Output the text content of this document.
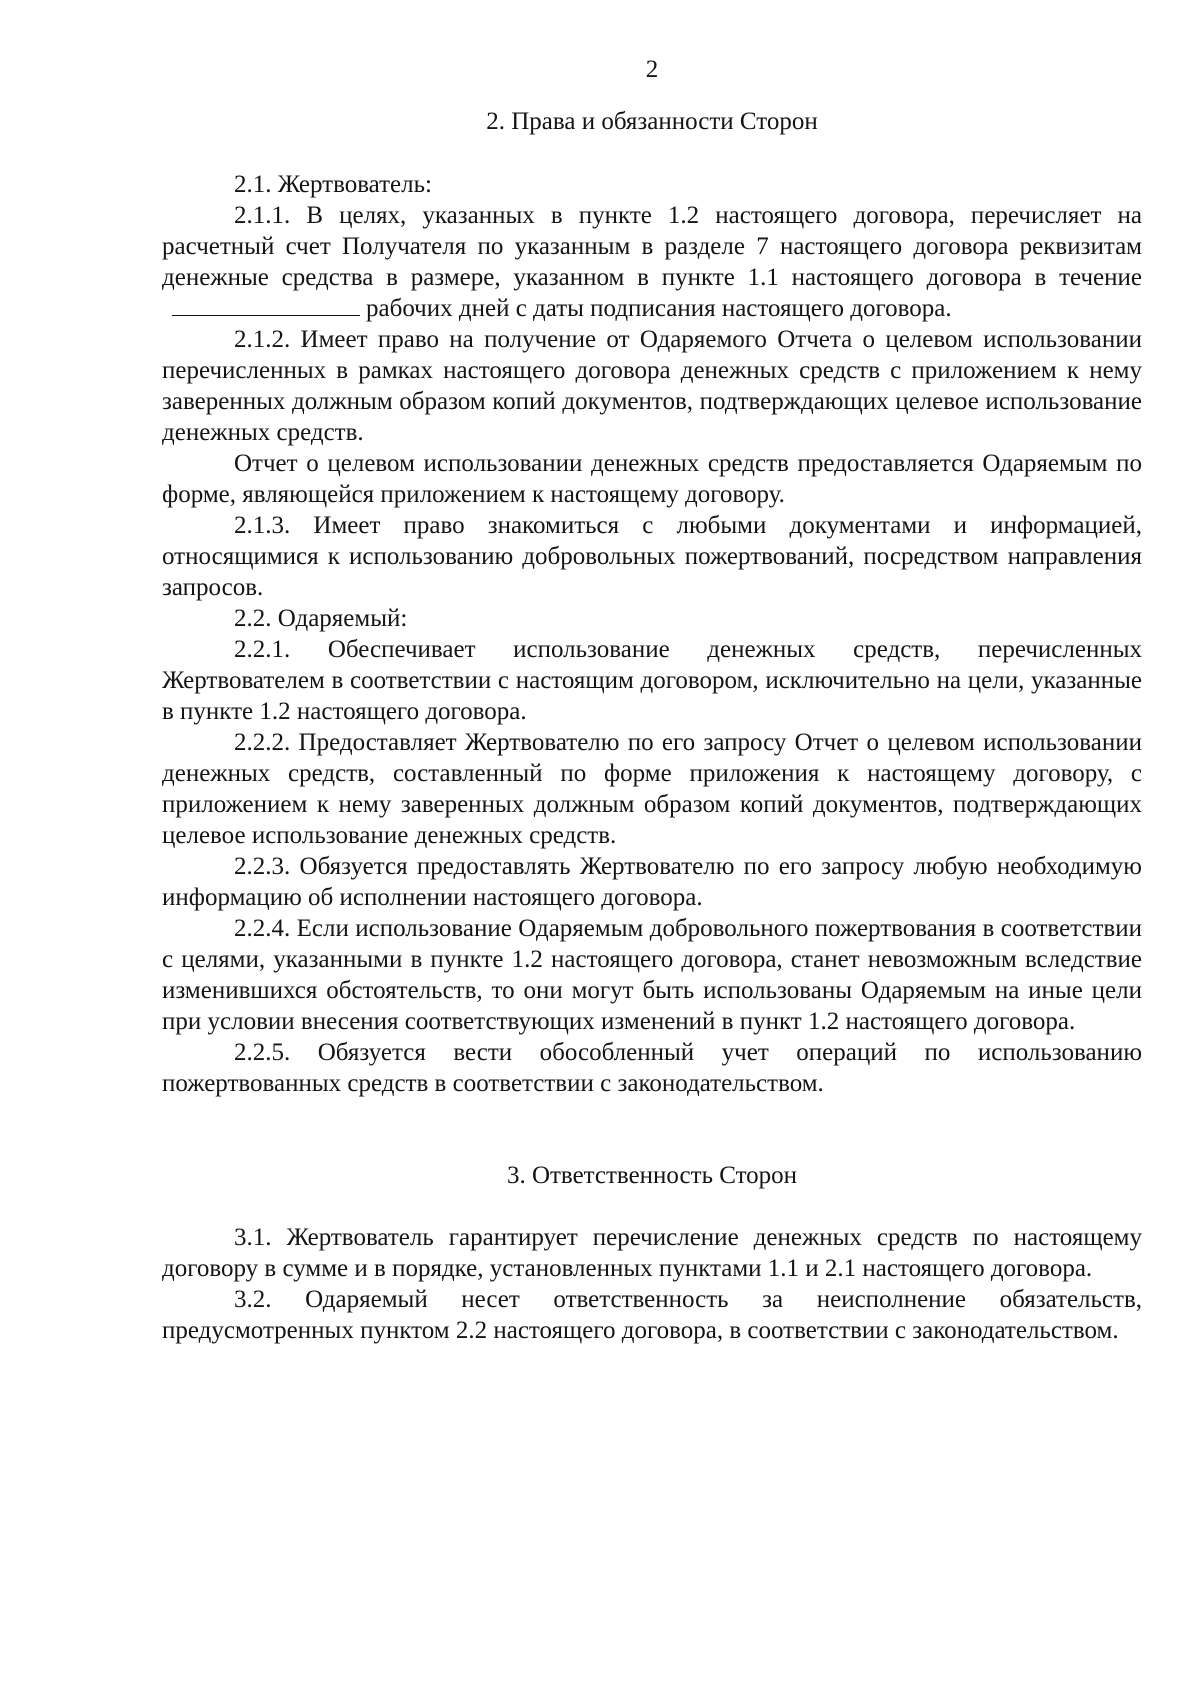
2
2. Права и обязанности Сторон

2.1. Жертвователь:

2.1.1. В целях, указанных в пункте 1.2 настоящего договора, перечисляет на расчетный счет Получателя по указанным в разделе 7 настоящего договора реквизитам денежные средства в размере, указанном в пункте 1.1 настоящего договора в течениерабочих дней с даты подписания настоящего договора.

2.1.2. Имеет право на получение от Одаряемого Отчета о целевом использовании перечисленных в рамках настоящего договора денежных средств с приложением к нему заверенных должным образом копий документов, подтверждающих целевое использование денежных средств.

Отчет о целевом использовании денежных средств предоставляется Одаряемым по форме, являющейся приложением к настоящему договору.

2.1.3. Имеет право знакомиться с любыми документами и информацией, относящимися к использованию добровольных пожертвований, посредством направления запросов.

2.2. Одаряемый:

2.2.1. Обеспечивает использование денежных средств, перечисленных Жертвователем в соответствии с настоящим договором, исключительно на цели, указанные в пункте 1.2 настоящего договора.

2.2.2. Предоставляет Жертвователю по его запросу Отчет о целевом использовании денежных средств, составленный по форме приложения к настоящему договору, с приложением к нему заверенных должным образом копий документов, подтверждающих целевое использование денежных средств.

2.2.3. Обязуется предоставлять Жертвователю по его запросу любую необходимую информацию об исполнении настоящего договора.

2.2.4. Если использование Одаряемым добровольного пожертвования в соответствии с целями, указанными в пункте 1.2 настоящего договора, станет невозможным вследствие изменившихся обстоятельств, то они могут быть использованы Одаряемым на иные цели при условии внесения соответствующих изменений в пункт 1.2 настоящего договора.

2.2.5. Обязуется вести обособленный учет операций по использованию пожертвованных средств в соответствии с законодательством.

3. Ответственность Сторон

3.1. Жертвователь гарантирует перечисление денежных средств по настоящему договору в сумме и в порядке, установленных пунктами 1.1 и 2.1 настоящего договора.

3.2. Одаряемый несет ответственность за неисполнение обязательств, предусмотренных пунктом 2.2 настоящего договора, в соответствии с законодательством.
